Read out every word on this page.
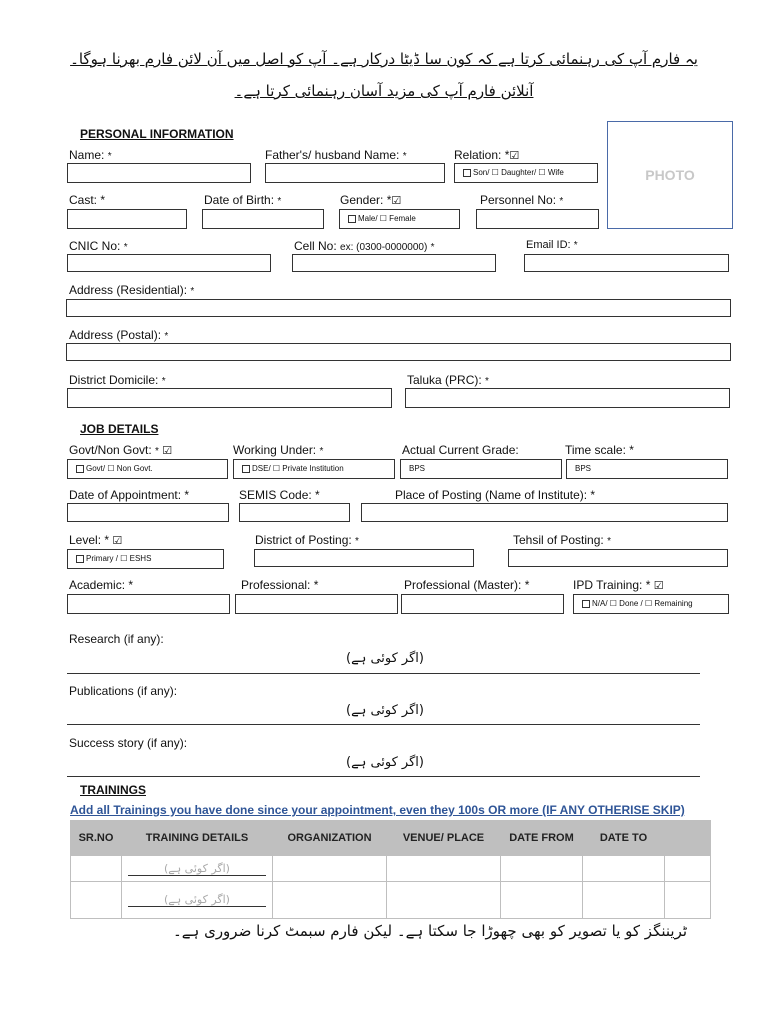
یہ فارم آپ کی رہنمائی کرتا ہے کہ کون سا ڈیٹا درکار ہے۔ آپ کو اصل میں آن لائن فارم بھرنا ہوگا۔
آنلائن فارم آپ کی مزید آسان رہنمائی کرتا ہے۔
PHOTO
PERSONAL INFORMATION
Name: *	Father's/ husband Name: *	Relation: *☑
Son/ ☐ Daughter/ ☐ Wife
Cast: *	Date of Birth: *	Gender: *☑
Male/ ☐ Female
Personnel No: *
CNIC No: *	Cell No: ex: (0300-0000000) *	Email ID: *
Address (Residential): *
Address (Postal): *
District Domicile: *	Taluka (PRC): *
JOB DETAILS
Govt/Non Govt: * ☑
Govt/ ☐ Non Govt.
Working Under: *
DSE/ ☐ Private Institution
Actual Current Grade:
BPS
Time scale: *
BPS
Date of Appointment: *	SEMIS Code: *	Place of Posting (Name of Institute): *
Level: * ☑
Primary / ☐ ESHS
District of Posting: *	Tehsil of Posting: *
Academic: *	Professional: *	Professional (Master): *	IPD Training: * ☑
N/A/ ☐ Done / ☐ Remaining
Research (if any):
(اگر کوئی ہے)
Publications (if any):
(اگر کوئی ہے)
Success story (if any):
(اگر کوئی ہے)
TRAININGS
Add all Trainings you have done since your appointment, even they 100s OR more (IF ANY OTHERISE SKIP)
SR.NO	TRAINING DETAILS	ORGANIZATION	VENUE/ PLACE	DATE FROM	DATE TO	

	(اگر کوئی ہے)					

	(اگر کوئی ہے)					

ٹریننگز کو یا تصویر کو بھی چھوڑا جا سکتا ہے۔ لیکن فارم سبمٹ کرنا ضروری ہے۔
